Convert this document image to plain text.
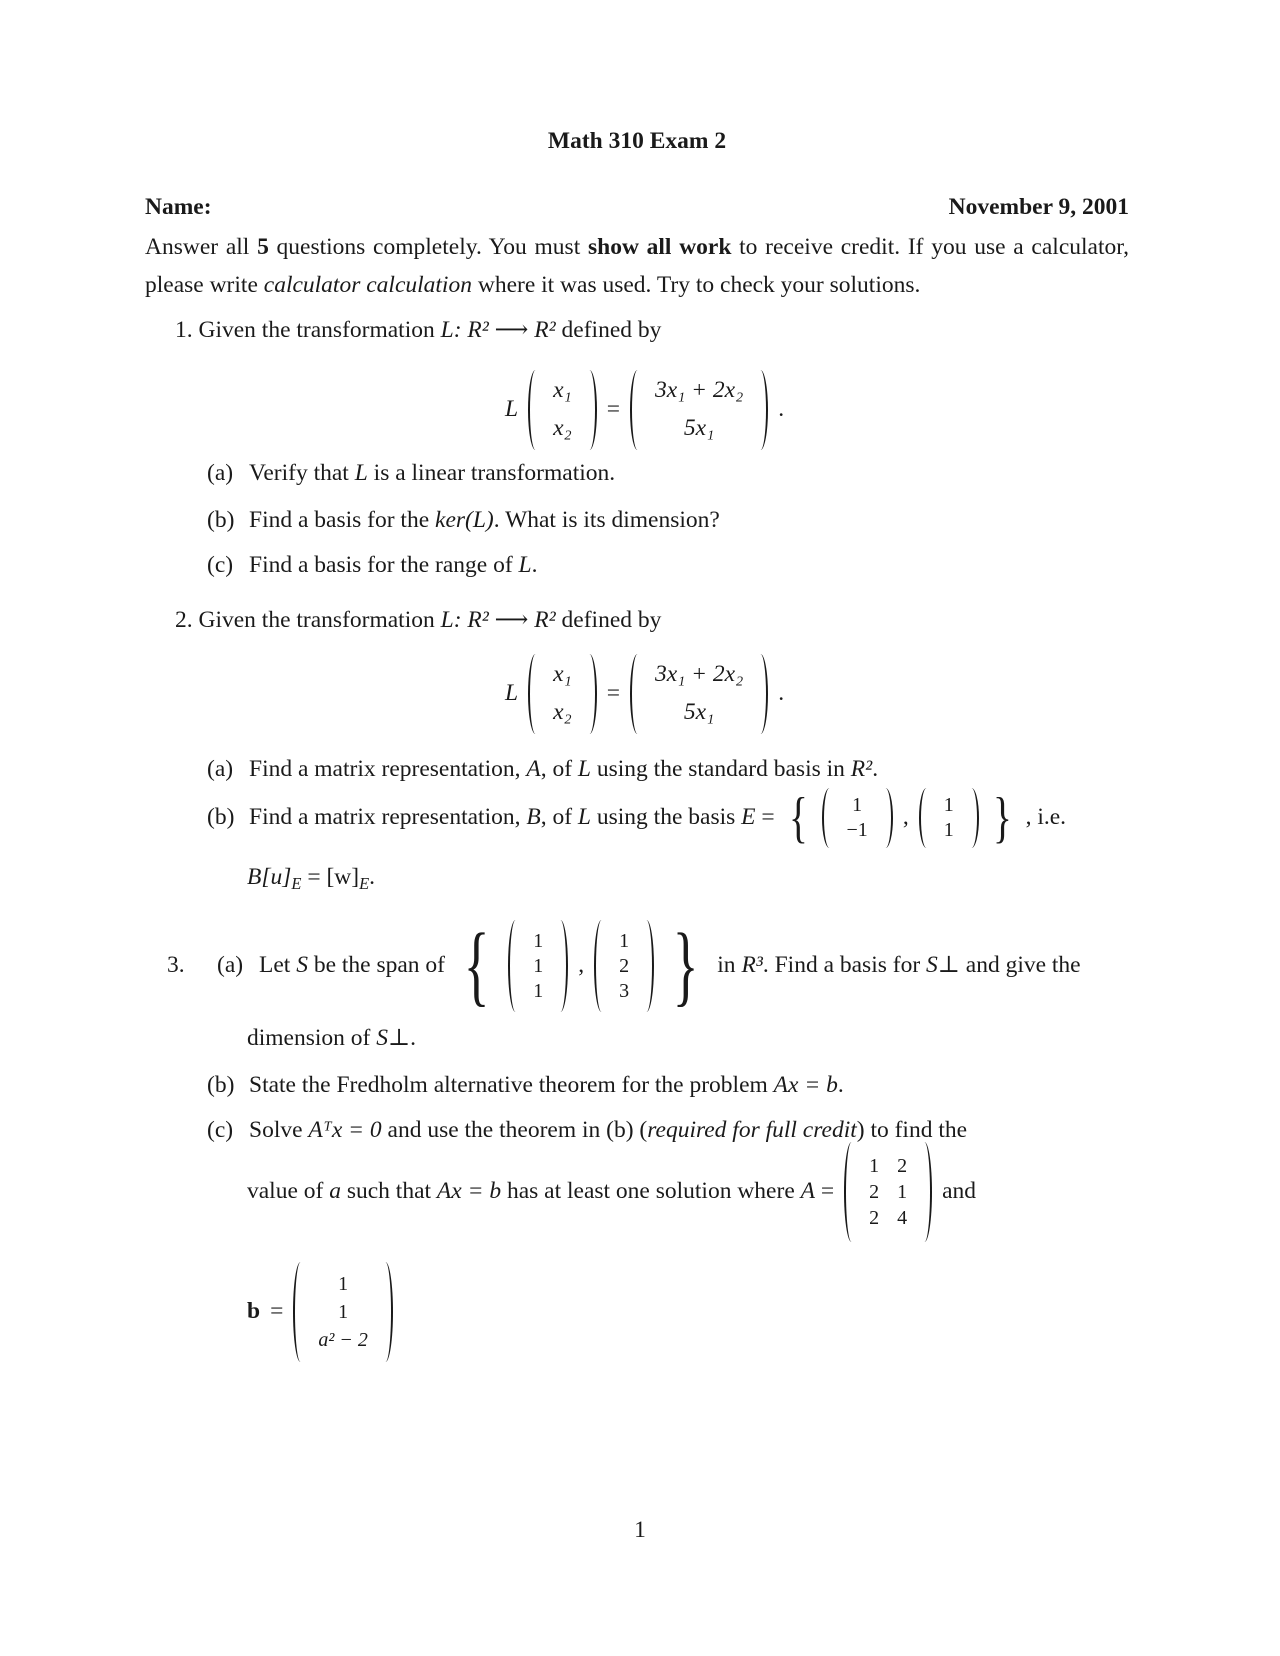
Math 310 Exam 2
Name:	November 9, 2001
Answer all 5 questions completely. You must show all work to receive credit. If you use a calculator, please write calculator calculation where it was used. Try to check your solutions.
1. Given the transformation L: R² ⟶ R² defined by
L
x₁
x₂
=
3x₁ + 2x₂
5x₁
.
(a) Verify that L is a linear transformation.
(b) Find a basis for the ker(L). What is its dimension?
(c) Find a basis for the range of L.
2. Given the transformation L: R² ⟶ R² defined by
L
x₁
x₂
=
3x₁ + 2x₂
5x₁
.
(a) Find a matrix representation, A, of L using the standard basis in R².
(b) Find a matrix representation, B, of L using the basis E = { 1
−1 , 1
1 } , i.e.
$B[u]_E = [w]_E$.
3.	(a) Let S be the span of { 1
1
1
,
1
2
3 } in R³. Find a basis for S⊥ and give the
dimension of S⊥.
(b) State the Fredholm alternative theorem for the problem Ax = b.
(c) Solve Aᵀx = 0 and use the theorem in (b) (required for full credit) to find the
value of a such that Ax = b has at least one solution where A =
1 2
2 1
2 4
and
b =
1
1
a² − 2
1
